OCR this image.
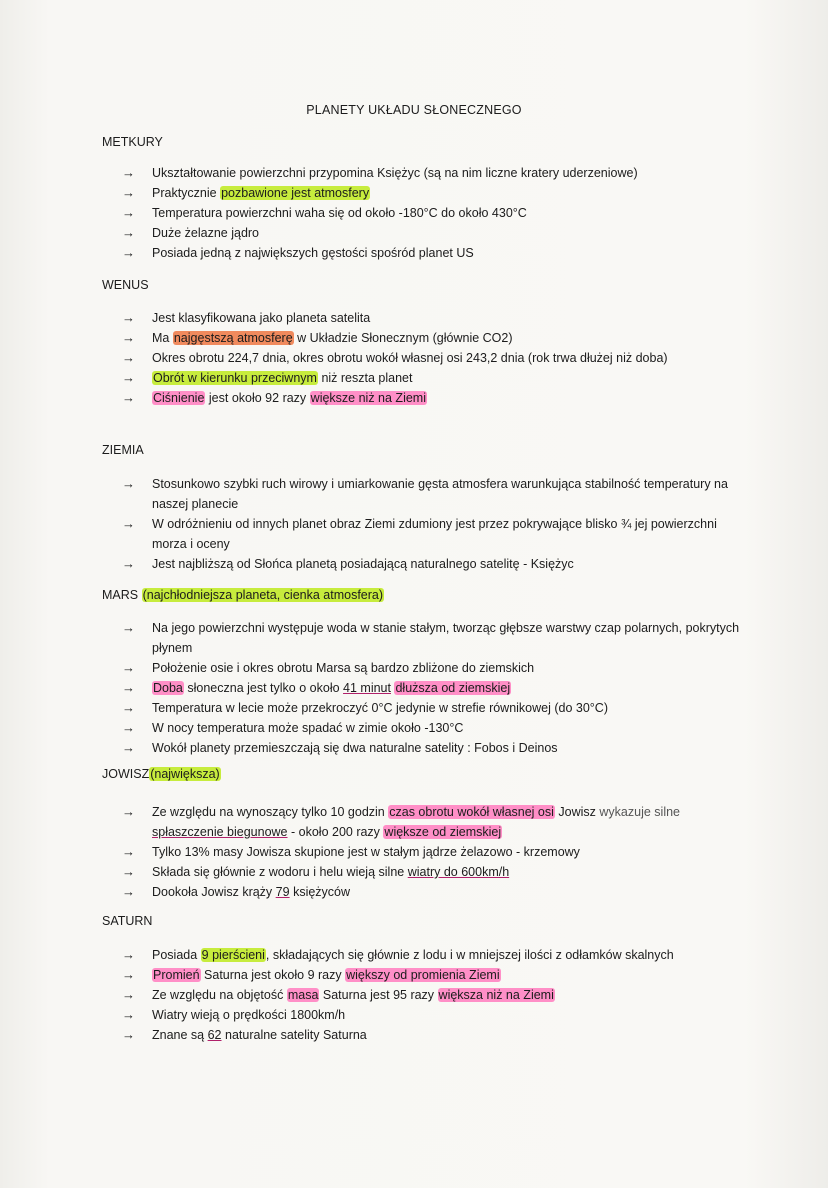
PLANETY UKŁADU SŁONECZNEGO
METKURY
→ Ukształtowanie powierzchni przypomina Księżyc (są na nim liczne kratery uderzeniowe)
→ Praktycznie pozbawione jest atmosfery
→ Temperatura powierzchni waha się od około -180°C do około 430°C
→ Duże żelazne jądro
→ Posiada jedną z największych gęstości spośród planet US
WENUS
→ Jest klasyfikowana jako planeta satelita
→ Ma najgęstszą atmosferę w Układzie Słonecznym (głównie CO2)
→ Okres obrotu 224,7 dnia, okres obrotu wokół własnej osi 243,2 dnia (rok trwa dłużej niż doba)
→ Obrót w kierunku przeciwnym niż reszta planet
→ Ciśnienie jest około 92 razy większe niż na Ziemi
ZIEMIA
→ Stosunkowo szybki ruch wirowy i umiarkowanie gęsta atmosfera warunkująca stabilność temperatury na naszej planecie
→ W odróżnieniu od innych planet obraz Ziemi zdumiony jest przez pokrywające blisko ¾ jej powierzchni morza i oceny
→ Jest najbliższą od Słońca planetą posiadającą naturalnego satelitę - Księżyc
MARS (najchłodniejsza planeta, cienka atmosfera)
→ Na jego powierzchni występuje woda w stanie stałym, tworząc głębsze warstwy czap polarnych, pokrytych płynem
→ Położenie osie i okres obrotu Marsa są bardzo zbliżone do ziemskich
→ Doba słoneczna jest tylko o około 41 minut dłuższa od ziemskiej
→ Temperatura w lecie może przekroczyć 0°C jedynie w strefie równikowej (do 30°C)
→ W nocy temperatura może spadać w zimie około -130°C
→ Wokół planety przemieszczają się dwa naturalne satelity : Fobos i Deinos
JOWISZ(największa)
→ Ze względu na wynoszący tylko 10 godzin czas obrotu wokół własnej osi Jowisz wykazuje silne spłaszczenie biegunowe - około 200 razy większe od ziemskiej
→ Tylko 13% masy Jowisza skupione jest w stałym jądrze żelazowo - krzemowy
→ Składa się głównie z wodoru i helu wieją silne wiatry do 600km/h
→ Dookoła Jowisz krąży 79 księżyców
SATURN
→ Posiada 9 pierścieni, składających się głównie z lodu i w mniejszej ilości z odłamków skalnych
→ Promień Saturna jest około 9 razy większy od promienia Ziemi
→ Ze względu na objętość masa Saturna jest 95 razy większa niż na Ziemi
→ Wiatry wieją o prędkości 1800km/h
→ Znane są 62 naturalne satelity Saturna
